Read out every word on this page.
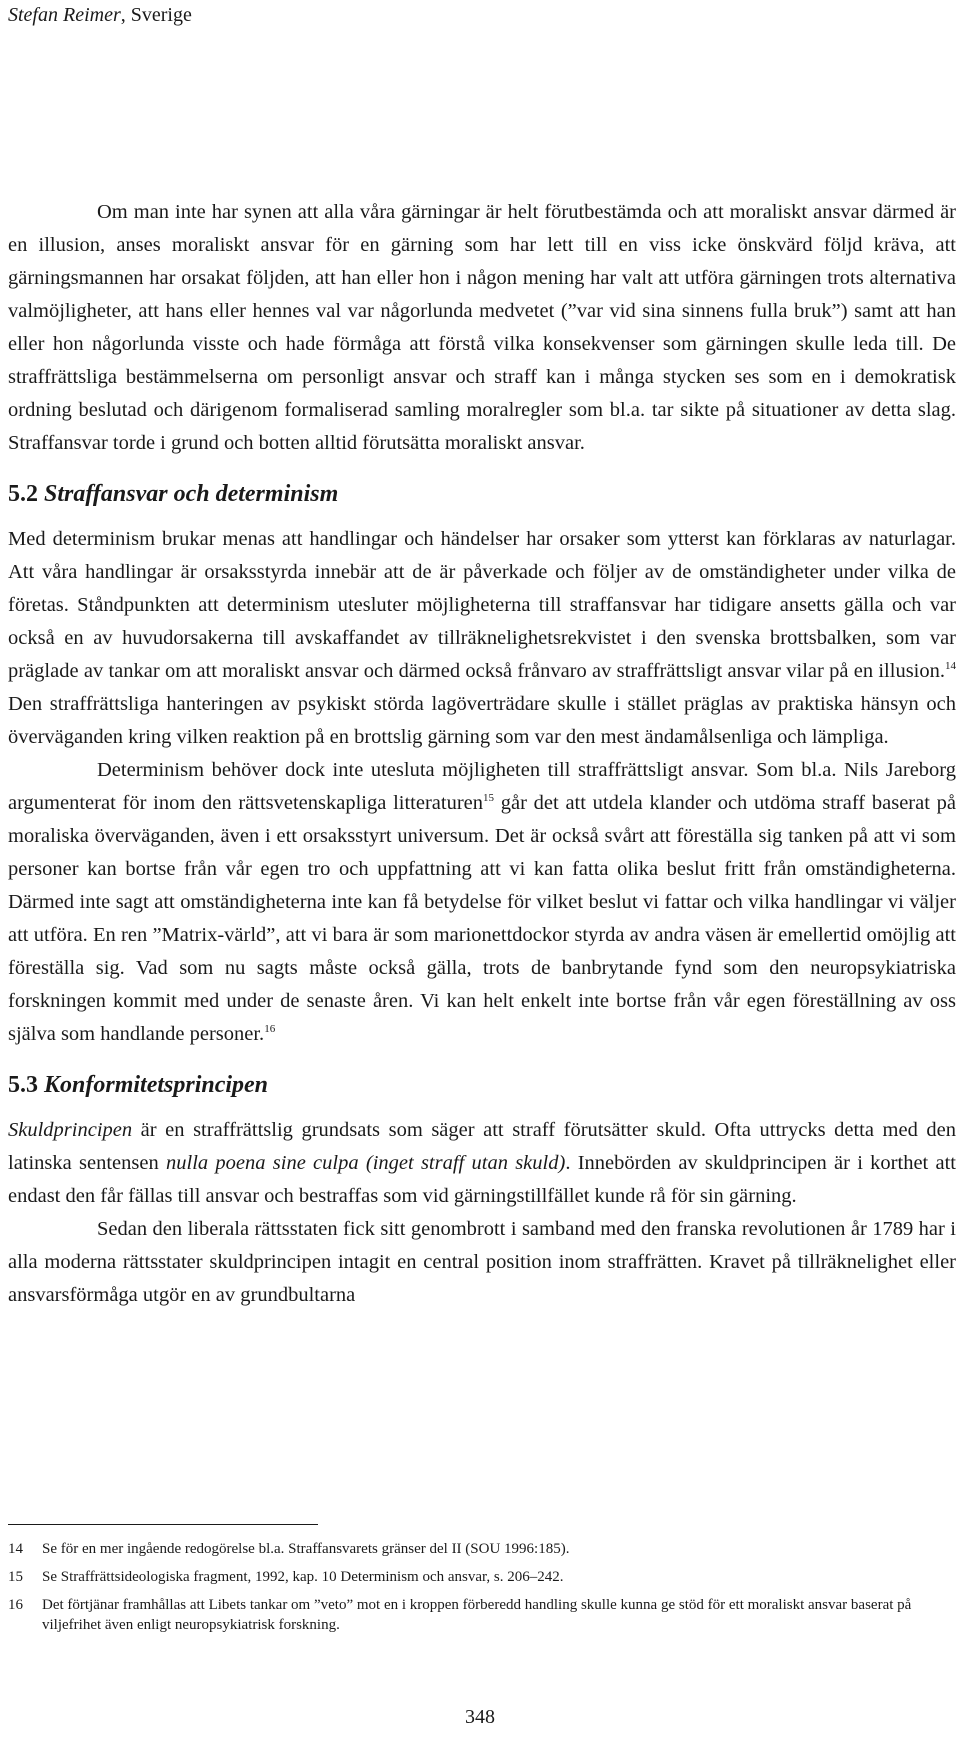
Stefan Reimer, Sverige

Om man inte har synen att alla våra gärningar är helt förutbestämda och att moraliskt ansvar därmed är en illusion, anses moraliskt ansvar för en gärning som har lett till en viss icke önskvärd följd kräva, att gärningsmannen har orsakat följden, att han eller hon i någon mening har valt att utföra gärningen trots alternativa valmöjligheter, att hans eller hennes val var någorlunda medvetet (”var vid sina sinnens fulla bruk”) samt att han eller hon någorlunda visste och hade förmåga att förstå vilka konsekvenser som gärningen skulle leda till. De straffrättsliga bestämmelserna om personligt ansvar och straff kan i många stycken ses som en i demokratisk ordning beslutad och därigenom formaliserad samling moralregler som bl.a. tar sikte på situationer av detta slag. Straffansvar torde i grund och botten alltid förutsätta moraliskt ansvar.

5.2 Straffansvar och determinism

Med determinism brukar menas att handlingar och händelser har orsaker som ytterst kan förklaras av naturlagar. Att våra handlingar är orsaksstyrda innebär att de är påverkade och följer av de omständigheter under vilka de företas. Ståndpunkten att determinism utesluter möjligheterna till straffansvar har tidigare ansetts gälla och var också en av huvudorsakerna till avskaffandet av tillräknelighetsrekvistet i den svenska brottsbalken, som var präglade av tankar om att moraliskt ansvar och därmed också frånvaro av straffrättsligt ansvar vilar på en illusion.$^{14}$ Den straffrättsliga hanteringen av psykiskt störda lagöverträdare skulle i stället präglas av praktiska hänsyn och överväganden kring vilken reaktion på en brottslig gärning som var den mest ändamålsenliga och lämpliga.

Determinism behöver dock inte utesluta möjligheten till straffrättsligt ansvar. Som bl.a. Nils Jareborg argumenterat för inom den rättsvetenskapliga litteraturen$^{15}$ går det att utdela klander och utdöma straff baserat på moraliska överväganden, även i ett orsaksstyrt universum. Det är också svårt att föreställa sig tanken på att vi som personer kan bortse från vår egen tro och uppfattning att vi kan fatta olika beslut fritt från omständigheterna. Därmed inte sagt att omständigheterna inte kan få betydelse för vilket beslut vi fattar och vilka handlingar vi väljer att utföra. En ren ”Matrix-värld”, att vi bara är som marionettdockor styrda av andra väsen är emellertid omöjlig att föreställa sig. Vad som nu sagts måste också gälla, trots de banbrytande fynd som den neuropsykiatriska forskningen kommit med under de senaste åren. Vi kan helt enkelt inte bortse från vår egen föreställning av oss själva som handlande personer.$^{16}$

5.3 Konformitetsprincipen

Skuldprincipen är en straffrättslig grundsats som säger att straff förutsätter skuld. Ofta uttrycks detta med den latinska sentensen nulla poena sine culpa (inget straff utan skuld). Innebörden av skuldprincipen är i korthet att endast den får fällas till ansvar och bestraffas som vid gärningstillfället kunde rå för sin gärning.

Sedan den liberala rättsstaten fick sitt genombrott i samband med den franska revolutionen år 1789 har i alla moderna rättsstater skuldprincipen intagit en central position inom straffrätten. Kravet på tillräknelighet eller ansvarsförmåga utgör en av grundbultarna

14	Se för en mer ingående redogörelse bl.a. Straffansvarets gränser del II (SOU 1996:185).
15	Se Straffrättsideologiska fragment, 1992, kap. 10 Determinism och ansvar, s. 206–242.
16	Det förtjänar framhållas att Libets tankar om ”veto” mot en i kroppen förberedd handling skulle kunna ge stöd för ett moraliskt ansvar baserat på viljefrihet även enligt neuropsykiatrisk forskning.
348
